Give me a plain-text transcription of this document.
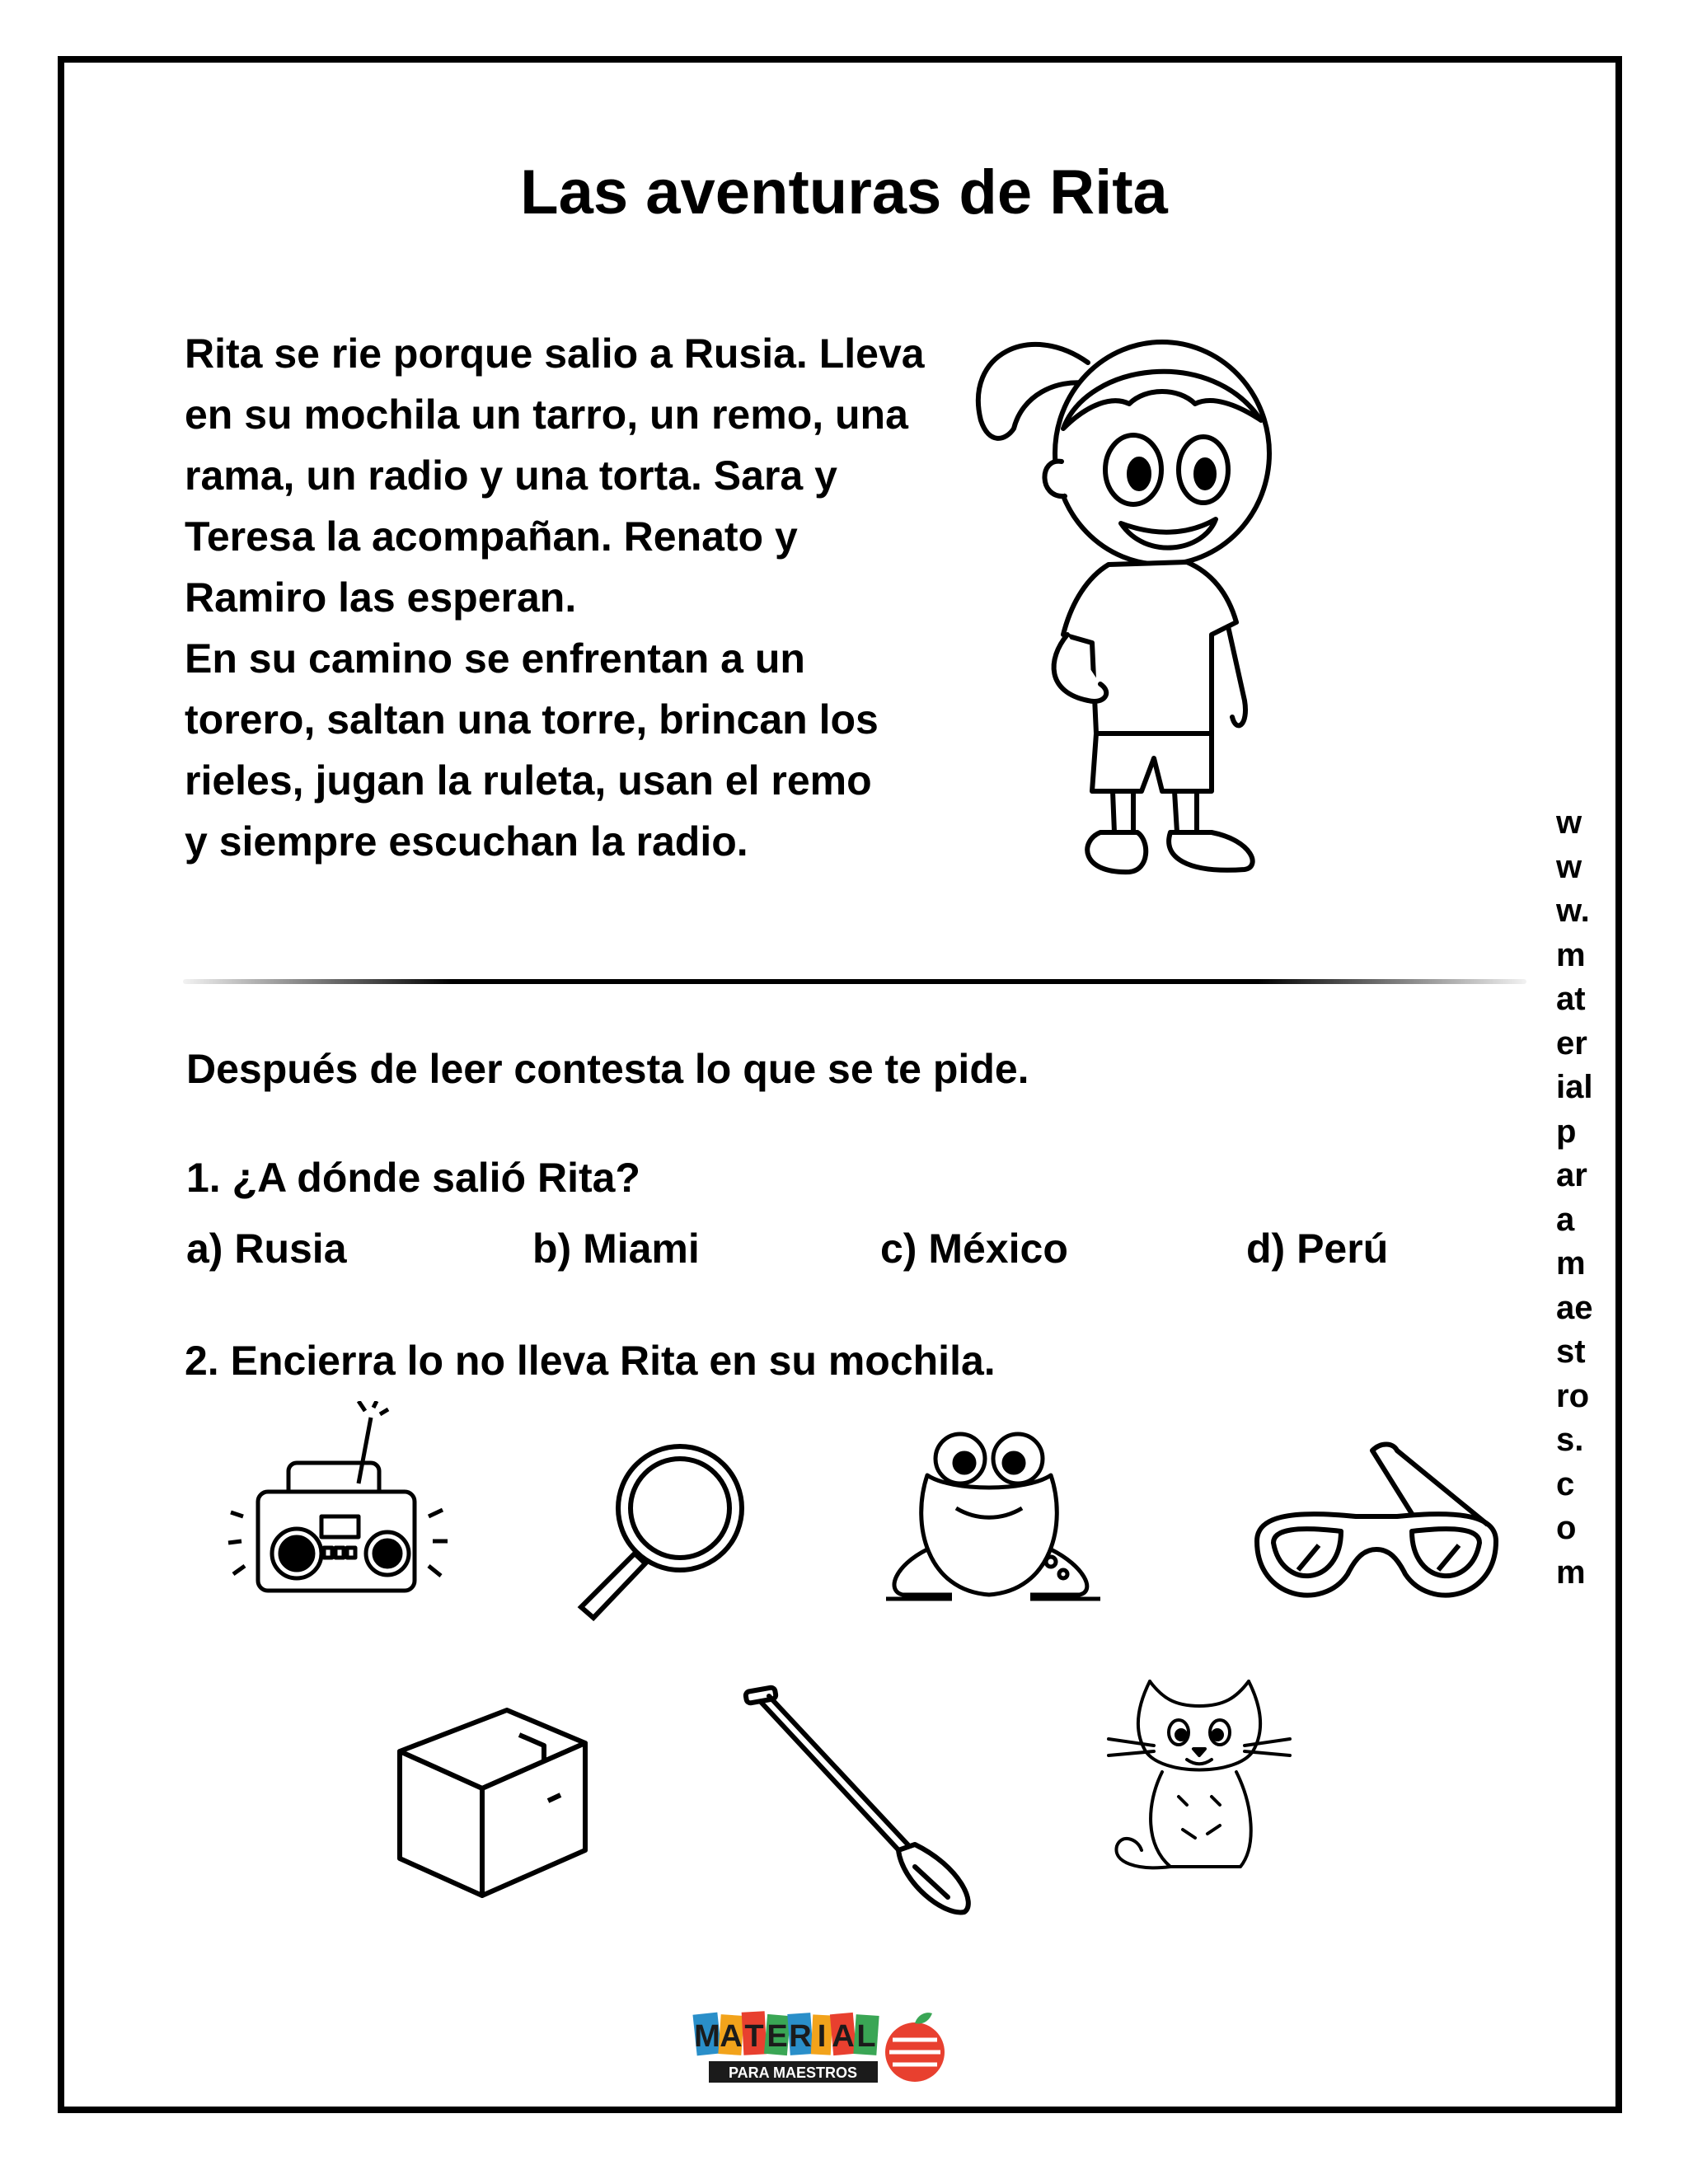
Las aventuras de Rita
Rita se rie porque salio a Rusia. Lleva
en su mochila un tarro, un remo, una
rama, un radio y una torta. Sara y
Teresa la acompañan. Renato y
Ramiro las esperan.
En su camino se enfrentan a un
torero, saltan una torre, brincan los
rieles, jugan la ruleta, usan el remo
y siempre escuchan la radio.	w
w
w.
m
at
er
ial
p
ar
a
m
ae
st
ro
s.
c
o
m
Después de leer contesta lo que se te pide.
1. ¿A dónde salió Rita?
a) Rusia	b) Miami	c) México	d) Perú
2. Encierra lo no lleva Rita en su mochila.
M A T E R I A L
PARA MAESTROS
